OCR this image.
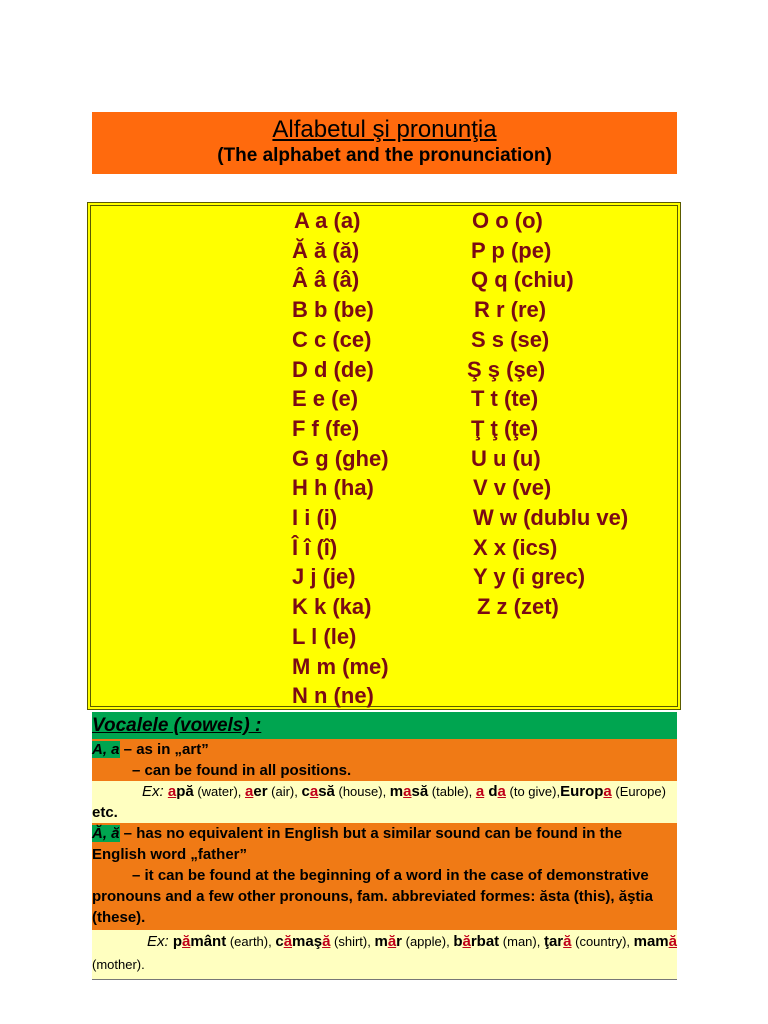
Alfabetul şi pronunţia
(The alphabet and the pronunciation)
A a (a)
Ă ă (ă)
Â â (â)
B b (be)
C c (ce)
D d (de)
E e (e)
F f (fe)
G g (ghe)
H h (ha)
I i (i)
Î î (î)
J j (je)
K k (ka)
L l (le)
M m (me)
N n (ne)
O o (o)
P p (pe)
Q q (chiu)
R r (re)
S s (se)
Ş ş (şe)
T t (te)
Ţ ţ (ţe)
U u (u)
V v (ve)
W w (dublu ve)
X x (ics)
Y y (i grec)
Z z (zet)
Vocalele (vowels) :

A, a – as in „art”

– can be found in all positions.

Ex: apă (water), aer (air), casă (house), masă (table), a da (to give),Europa (Europe) etc.

Ă, ă – has no equivalent in English but a similar sound can be found in the English word „father”

– it can be found at the beginning of a word in the case of demonstrative pronouns and a few other pronouns, fam. abbreviated formes: ăsta (this), ăştia (these).

Ex: pământ (earth), cămaşă (shirt), măr (apple), bărbat (man), ţară (country), mamă (mother).
